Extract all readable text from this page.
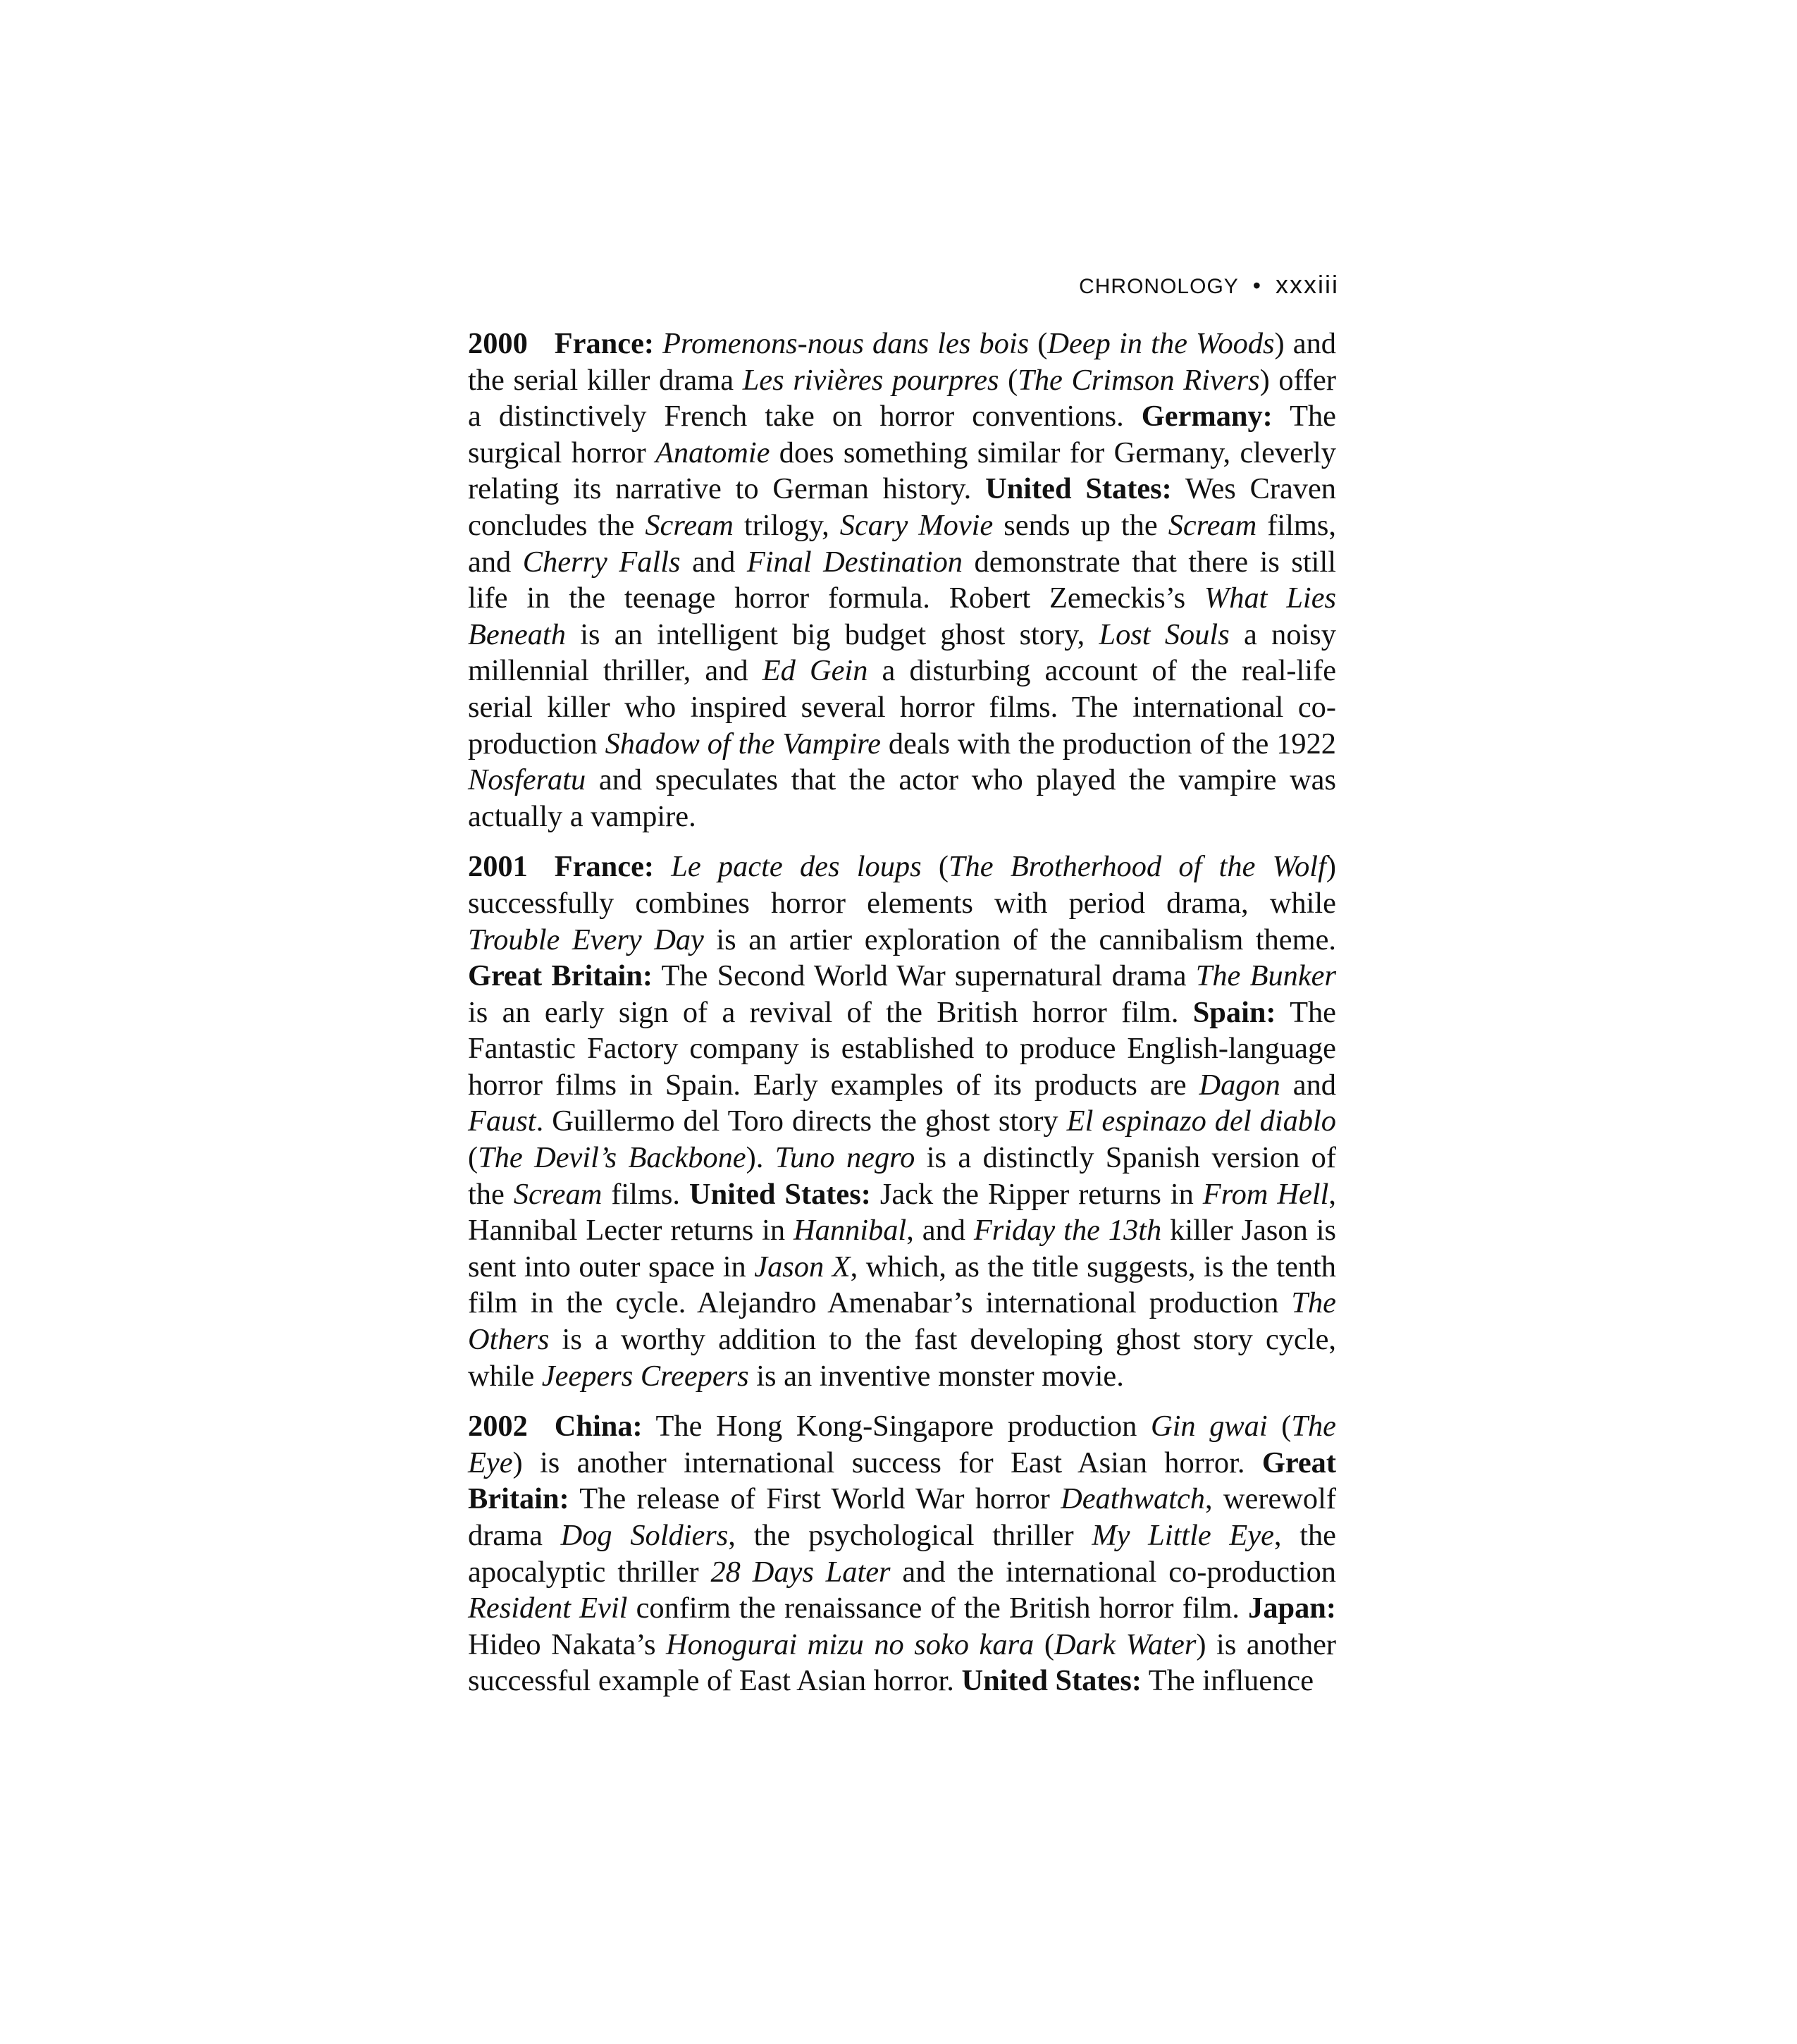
CHRONOLOGY • xxxiii

2000 France: Promenons-nous dans les bois (Deep in the Woods) and the serial killer drama Les rivières pourpres (The Crimson Rivers) offer a distinctively French take on horror conventions. Germany: The surgical horror Anatomie does something similar for Germany, cleverly relating its narrative to German history. United States: Wes Craven concludes the Scream trilogy, Scary Movie sends up the Scream films, and Cherry Falls and Final Destination demonstrate that there is still life in the teenage horror formula. Robert Zemeckis’s What Lies Beneath is an intelligent big budget ghost story, Lost Souls a noisy millennial thriller, and Ed Gein a disturbing account of the real-life serial killer who inspired several horror films. The international co-production Shadow of the Vampire deals with the production of the 1922 Nosferatu and speculates that the actor who played the vampire was actually a vampire.

2001 France: Le pacte des loups (The Brotherhood of the Wolf) successfully combines horror elements with period drama, while Trouble Every Day is an artier exploration of the cannibalism theme. Great Britain: The Second World War supernatural drama The Bunker is an early sign of a revival of the British horror film. Spain: The Fantastic Factory company is established to produce English-language horror films in Spain. Early examples of its products are Dagon and Faust. Guillermo del Toro directs the ghost story El espinazo del diablo (The Devil’s Backbone). Tuno negro is a distinctly Spanish version of the Scream films. United States: Jack the Ripper returns in From Hell, Hannibal Lecter returns in Hannibal, and Friday the 13th killer Jason is sent into outer space in Jason X, which, as the title suggests, is the tenth film in the cycle. Alejandro Amenabar’s international production The Others is a worthy addition to the fast developing ghost story cycle, while Jeepers Creepers is an inventive monster movie.

2002 China: The Hong Kong-Singapore production Gin gwai (The Eye) is another international success for East Asian horror. Great Britain: The release of First World War horror Deathwatch, werewolf drama Dog Soldiers, the psychological thriller My Little Eye, the apocalyptic thriller 28 Days Later and the international co-production Resident Evil confirm the renaissance of the British horror film. Japan: Hideo Nakata’s Honogurai mizu no soko kara (Dark Water) is another successful example of East Asian horror. United States: The influence
